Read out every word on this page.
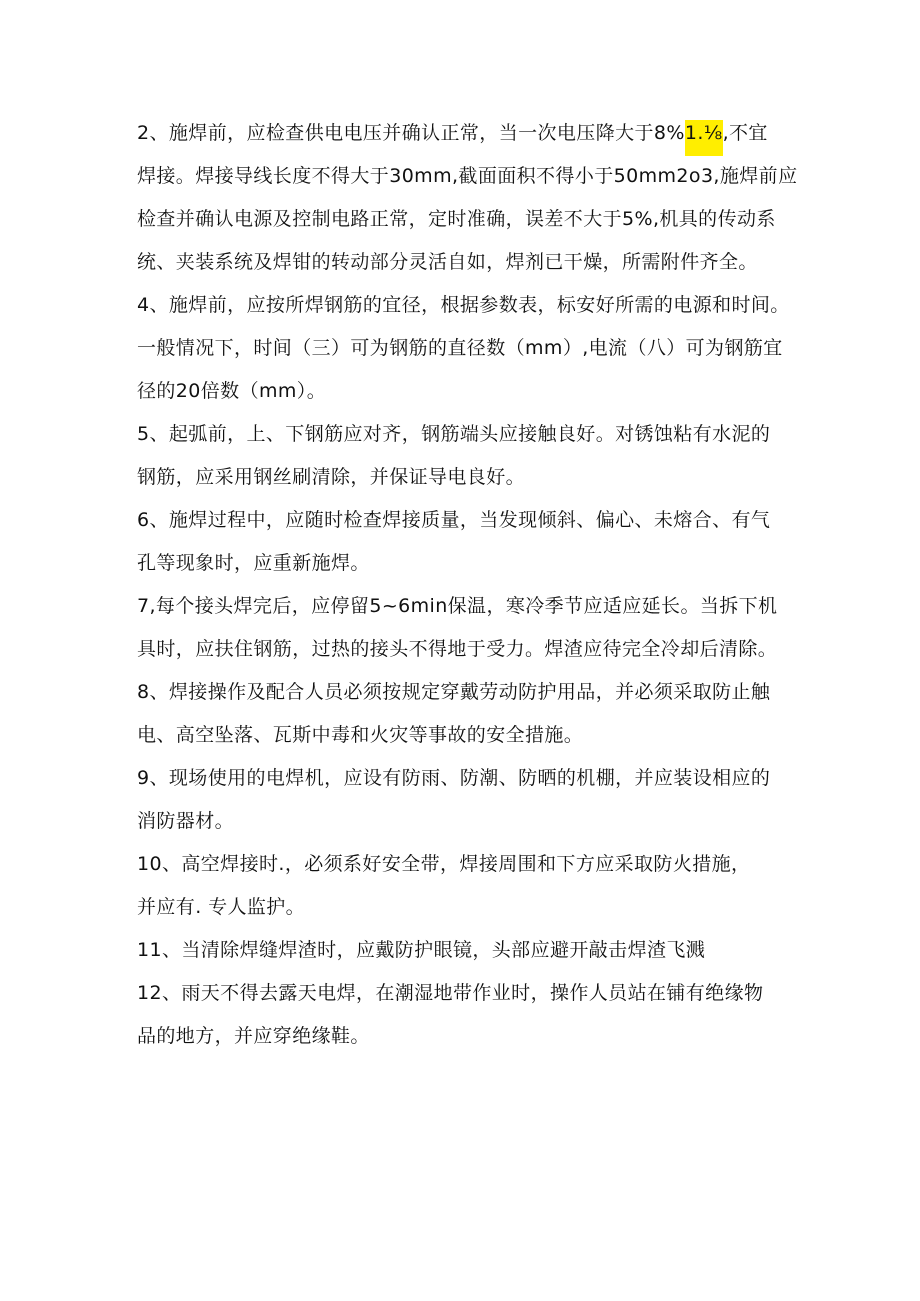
2、施焊前，应检查供电电压并确认正常，当一次电压降大于8%1.⅛,不宜
焊接。焊接导线长度不得大于30mm,截面面积不得小于50mm2o3,施焊前应
检查并确认电源及控制电路正常，定时准确，误差不大于5%,机具的传动系
统、夹装系统及焊钳的转动部分灵活自如，焊剂已干燥，所需附件齐全。
4、施焊前，应按所焊钢筋的宜径，根据参数表，标安好所需的电源和时间。
一般情况下，时间（三）可为钢筋的直径数（mm）,电流（八）可为钢筋宜
径的20倍数（mm）。
5、起弧前，上、下钢筋应对齐，钢筋端头应接触良好。对锈蚀粘有水泥的
钢筋，应采用钢丝刷清除，并保证导电良好。
6、施焊过程中，应随时检查焊接质量，当发现倾斜、偏心、未熔合、有气
孔等现象时，应重新施焊。
7,每个接头焊完后，应停留5~6min保温，寒冷季节应适应延长。当拆下机
具时，应扶住钢筋，过热的接头不得地于受力。焊渣应待完全冷却后清除。
8、焊接操作及配合人员必须按规定穿戴劳动防护用品，并必须采取防止触
电、高空坠落、瓦斯中毒和火灾等事故的安全措施。
9、现场使用的电焊机，应设有防雨、防潮、防晒的机棚，并应装设相应的
消防器材。
10、高空焊接时.，必须系好安全带，焊接周围和下方应采取防火措施，
并应有. 专人监护。
11、当清除焊缝焊渣时，应戴防护眼镜，头部应避开敲击焊渣飞溅
12、雨天不得去露天电焊，在潮湿地带作业时，操作人员站在铺有绝缘物
品的地方，并应穿绝缘鞋。
